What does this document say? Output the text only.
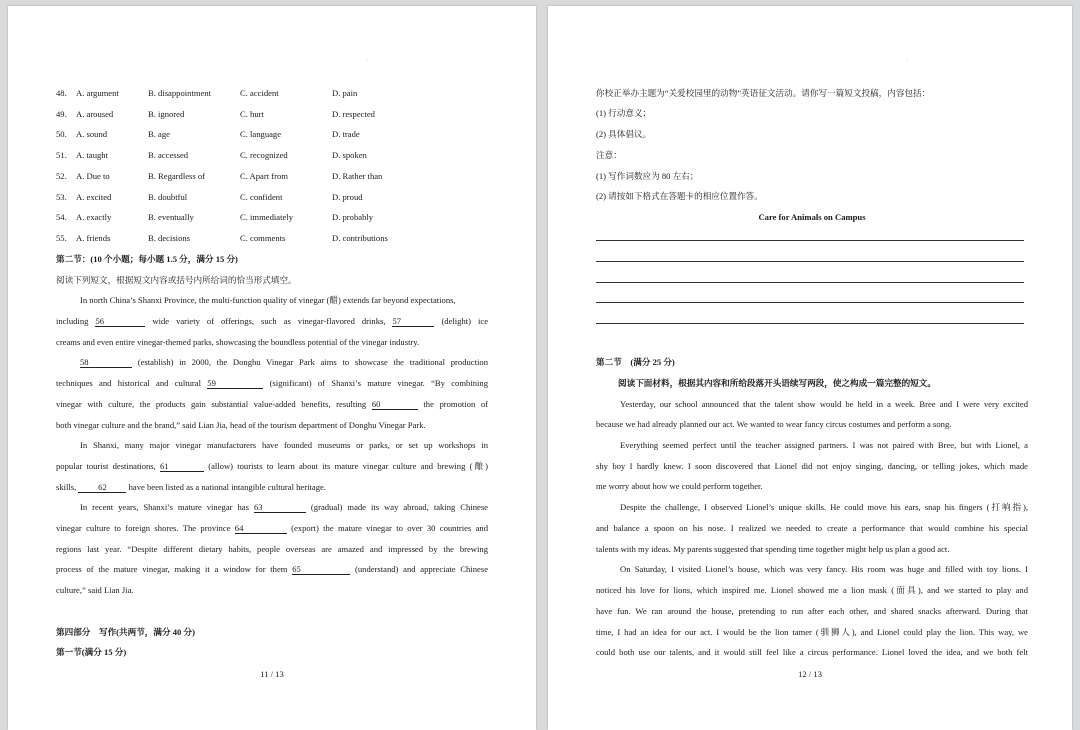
·
48. A. argument	B. disappointment	C. accident	D. pain
49. A. aroused	B. ignored	C. hurt	D. respected
50. A. sound	B. age	C. language	D. trade
51. A. taught	B. accessed	C. recognized	D. spoken
52. A. Due to	B. Regardless of	C. Apart from	D. Rather than
53. A. excited	B. doubtful	C. confident	D. proud
54. A. exactly	B. eventually	C. immediately	D. probably
55. A. friends	B. decisions	C. comments	D. contributions
第二节：(10 个小题；每小题 1.5 分，满分 15 分)
阅读下列短文，根据短文内容或括号内所给词的恰当形式填空。
In north China’s Shanxi Province, the multi-function quality of vinegar (醋) extends far beyond expectations,
including 56	wide variety of offerings, such as vinegar-flavored drinks, 57	(delight) ice
creams and even entire vinegar-themed parks, showcasing the boundless potential of the vinegar industry.
58	(establish) in 2000, the Donghu Vinegar Park aims to showcase the traditional production
techniques and historical and cultural 59	(significant) of Shanxi’s mature vinegar. “By combining
vinegar with culture, the products gain substantial value-added benefits, resulting 60	the promotion of
both vinegar culture and the brand,” said Lian Jia, head of the tourism department of Donghu Vinegar Park.
In Shanxi, many major vinegar manufacturers have founded museums or parks, or set up workshops in
popular tourist destinations, 61	(allow) tourists to learn about its mature vinegar culture and brewing (酿)
skills,	62	have been listed as a national intangible cultural heritage.
In recent years, Shanxi’s mature vinegar has 63	(gradual) made its way abroad, taking Chinese
vinegar culture to foreign shores. The province 64	(export) the mature vinegar to over 30 countries and
regions last year. “Despite different dietary habits, people overseas are amazed and impressed by the brewing
process of the mature vinegar, making it a window for them 65	(understand) and appreciate Chinese
culture,” said Lian Jia.
第四部分　写作(共两节，满分 40 分)
第一节(满分 15 分)
11 / 13
·
你校正举办主题为“关爱校园里的动物”英语征文活动。请你写一篇短文投稿，内容包括：
(1) 行动意义；
(2) 具体倡议。
注意：
(1) 写作词数应为 80 左右；
(2) 请按如下格式在答题卡的相应位置作答。
Care for Animals on Campus
第二节　(满分 25 分)
阅读下面材料，根据其内容和所给段落开头语续写两段，使之构成一篇完整的短文。
Yesterday, our school announced that the talent show would be held in a week. Bree and I were very excited
because we had already planned our act. We wanted to wear fancy circus costumes and perform a song.
Everything seemed perfect until the teacher assigned partners. I was not paired with Bree, but with Lionel, a
shy boy I hardly knew. I soon discovered that Lionel did not enjoy singing, dancing, or telling jokes, which made
me worry about how we could perform together.
Despite the challenge, I observed Lionel’s unique skills. He could move his ears, snap his fingers (打响指),
and balance a spoon on his nose. I realized we needed to create a performance that would combine his special
talents with my ideas. My parents suggested that spending time together might help us plan a good act.
On Saturday, I visited Lionel’s house, which was very fancy. His room was huge and filled with toy lions. I
noticed his love for lions, which inspired me. Lionel showed me a lion mask (面具), and we started to play and
have fun. We ran around the house, pretending to run after each other, and shared snacks afterward. During that
time, I had an idea for our act. I would be the lion tamer (驯狮人), and Lionel could play the lion. This way, we
could both use our talents, and it would still feel like a circus performance. Lionel loved the idea, and we both felt
12 / 13
